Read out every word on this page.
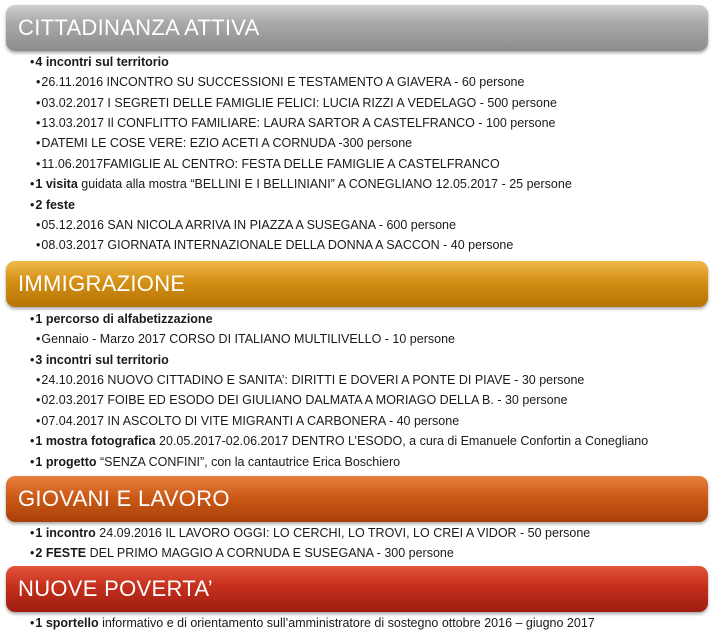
CITTADINANZA ATTIVA
•4 incontri sul territorio
•26.11.2016 INCONTRO SU SUCCESSIONI E TESTAMENTO A GIAVERA - 60 persone
•03.02.2017 I SEGRETI DELLE FAMIGLIE FELICI: LUCIA RIZZI A VEDELAGO - 500 persone
•13.03.2017 Il CONFLITTO FAMILIARE: LAURA SARTOR A CASTELFRANCO - 100 persone
•DATEMI LE COSE VERE: EZIO ACETI A CORNUDA -300 persone
•11.06.2017FAMIGLIE AL CENTRO: FESTA DELLE FAMIGLIE A CASTELFRANCO
•1 visita guidata alla mostra “BELLINI E I BELLINIANI” A CONEGLIANO 12.05.2017 - 25 persone
•2 feste
•05.12.2016 SAN NICOLA ARRIVA IN PIAZZA A SUSEGANA - 600 persone
•08.03.2017 GIORNATA INTERNAZIONALE DELLA DONNA A SACCON - 40 persone
IMMIGRAZIONE
•1 percorso di alfabetizzazione
•Gennaio - Marzo 2017 CORSO DI ITALIANO MULTILIVELLO - 10 persone
•3 incontri sul territorio
•24.10.2016 NUOVO CITTADINO E SANITA’: DIRITTI E DOVERI A PONTE DI PIAVE - 30 persone
•02.03.2017 FOIBE ED ESODO DEI GIULIANO DALMATA A MORIAGO DELLA B. - 30 persone
•07.04.2017 IN ASCOLTO DI VITE MIGRANTI A CARBONERA - 40 persone
•1 mostra fotografica 20.05.2017-02.06.2017 DENTRO L’ESODO, a cura di Emanuele Confortin a Conegliano
•1 progetto “SENZA CONFINI”, con la cantautrice Erica Boschiero
GIOVANI E LAVORO
•1 incontro 24.09.2016 IL LAVORO OGGI: LO CERCHI, LO TROVI, LO CREI A VIDOR - 50 persone
•2 FESTE DEL PRIMO MAGGIO A CORNUDA E SUSEGANA - 300 persone
NUOVE POVERTA’
•1 sportello informativo e di orientamento sull’amministratore di sostegno ottobre 2016 – giugno 2017
